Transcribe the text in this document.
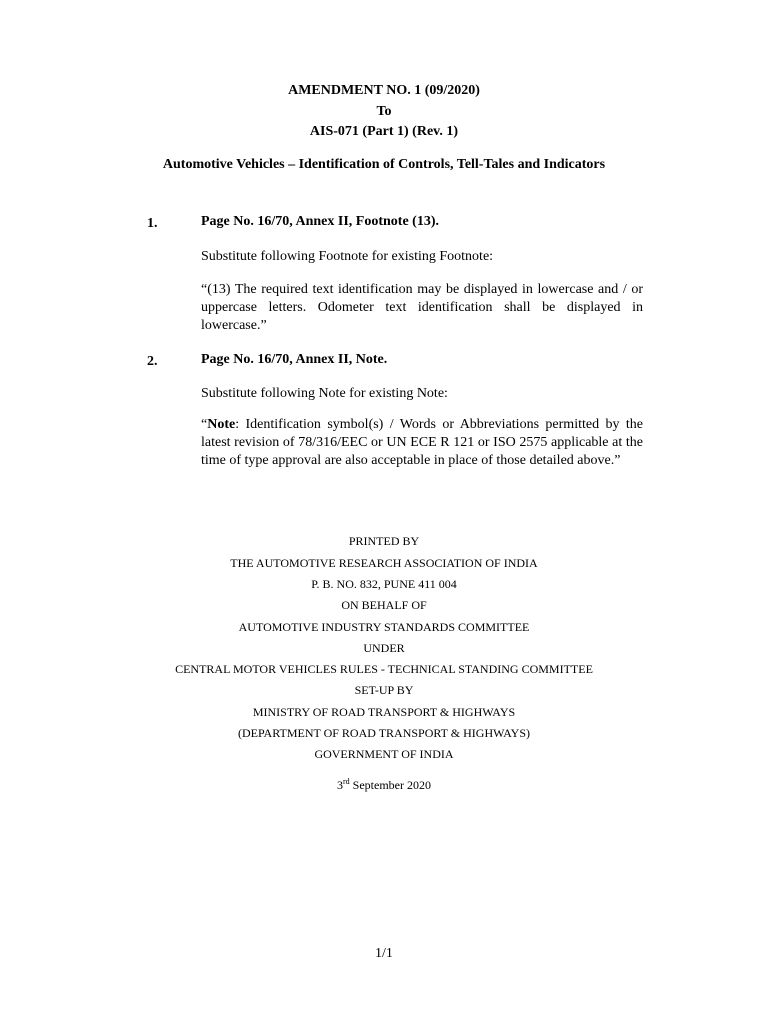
AMENDMENT NO. 1 (09/2020)
To
AIS-071 (Part 1) (Rev. 1)
Automotive Vehicles – Identification of Controls, Tell-Tales and Indicators
1.	Page No. 16/70, Annex II, Footnote (13).
Substitute following Footnote for existing Footnote:
“(13) The required text identification may be displayed in lowercase and / or uppercase letters. Odometer text identification shall be displayed in lowercase.”
2.	Page No. 16/70, Annex II, Note.
Substitute following Note for existing Note:
“Note: Identification symbol(s) / Words or Abbreviations permitted by the latest revision of 78/316/EEC or UN ECE R 121 or ISO 2575 applicable at the time of type approval are also acceptable in place of those detailed above.”
PRINTED BY
THE AUTOMOTIVE RESEARCH ASSOCIATION OF INDIA
P. B. NO. 832, PUNE 411 004
ON BEHALF OF
AUTOMOTIVE INDUSTRY STANDARDS COMMITTEE
UNDER
CENTRAL MOTOR VEHICLES RULES - TECHNICAL STANDING COMMITTEE
SET-UP BY
MINISTRY OF ROAD TRANSPORT & HIGHWAYS
(DEPARTMENT OF ROAD TRANSPORT & HIGHWAYS)
GOVERNMENT OF INDIA
3rd September 2020
1/1
